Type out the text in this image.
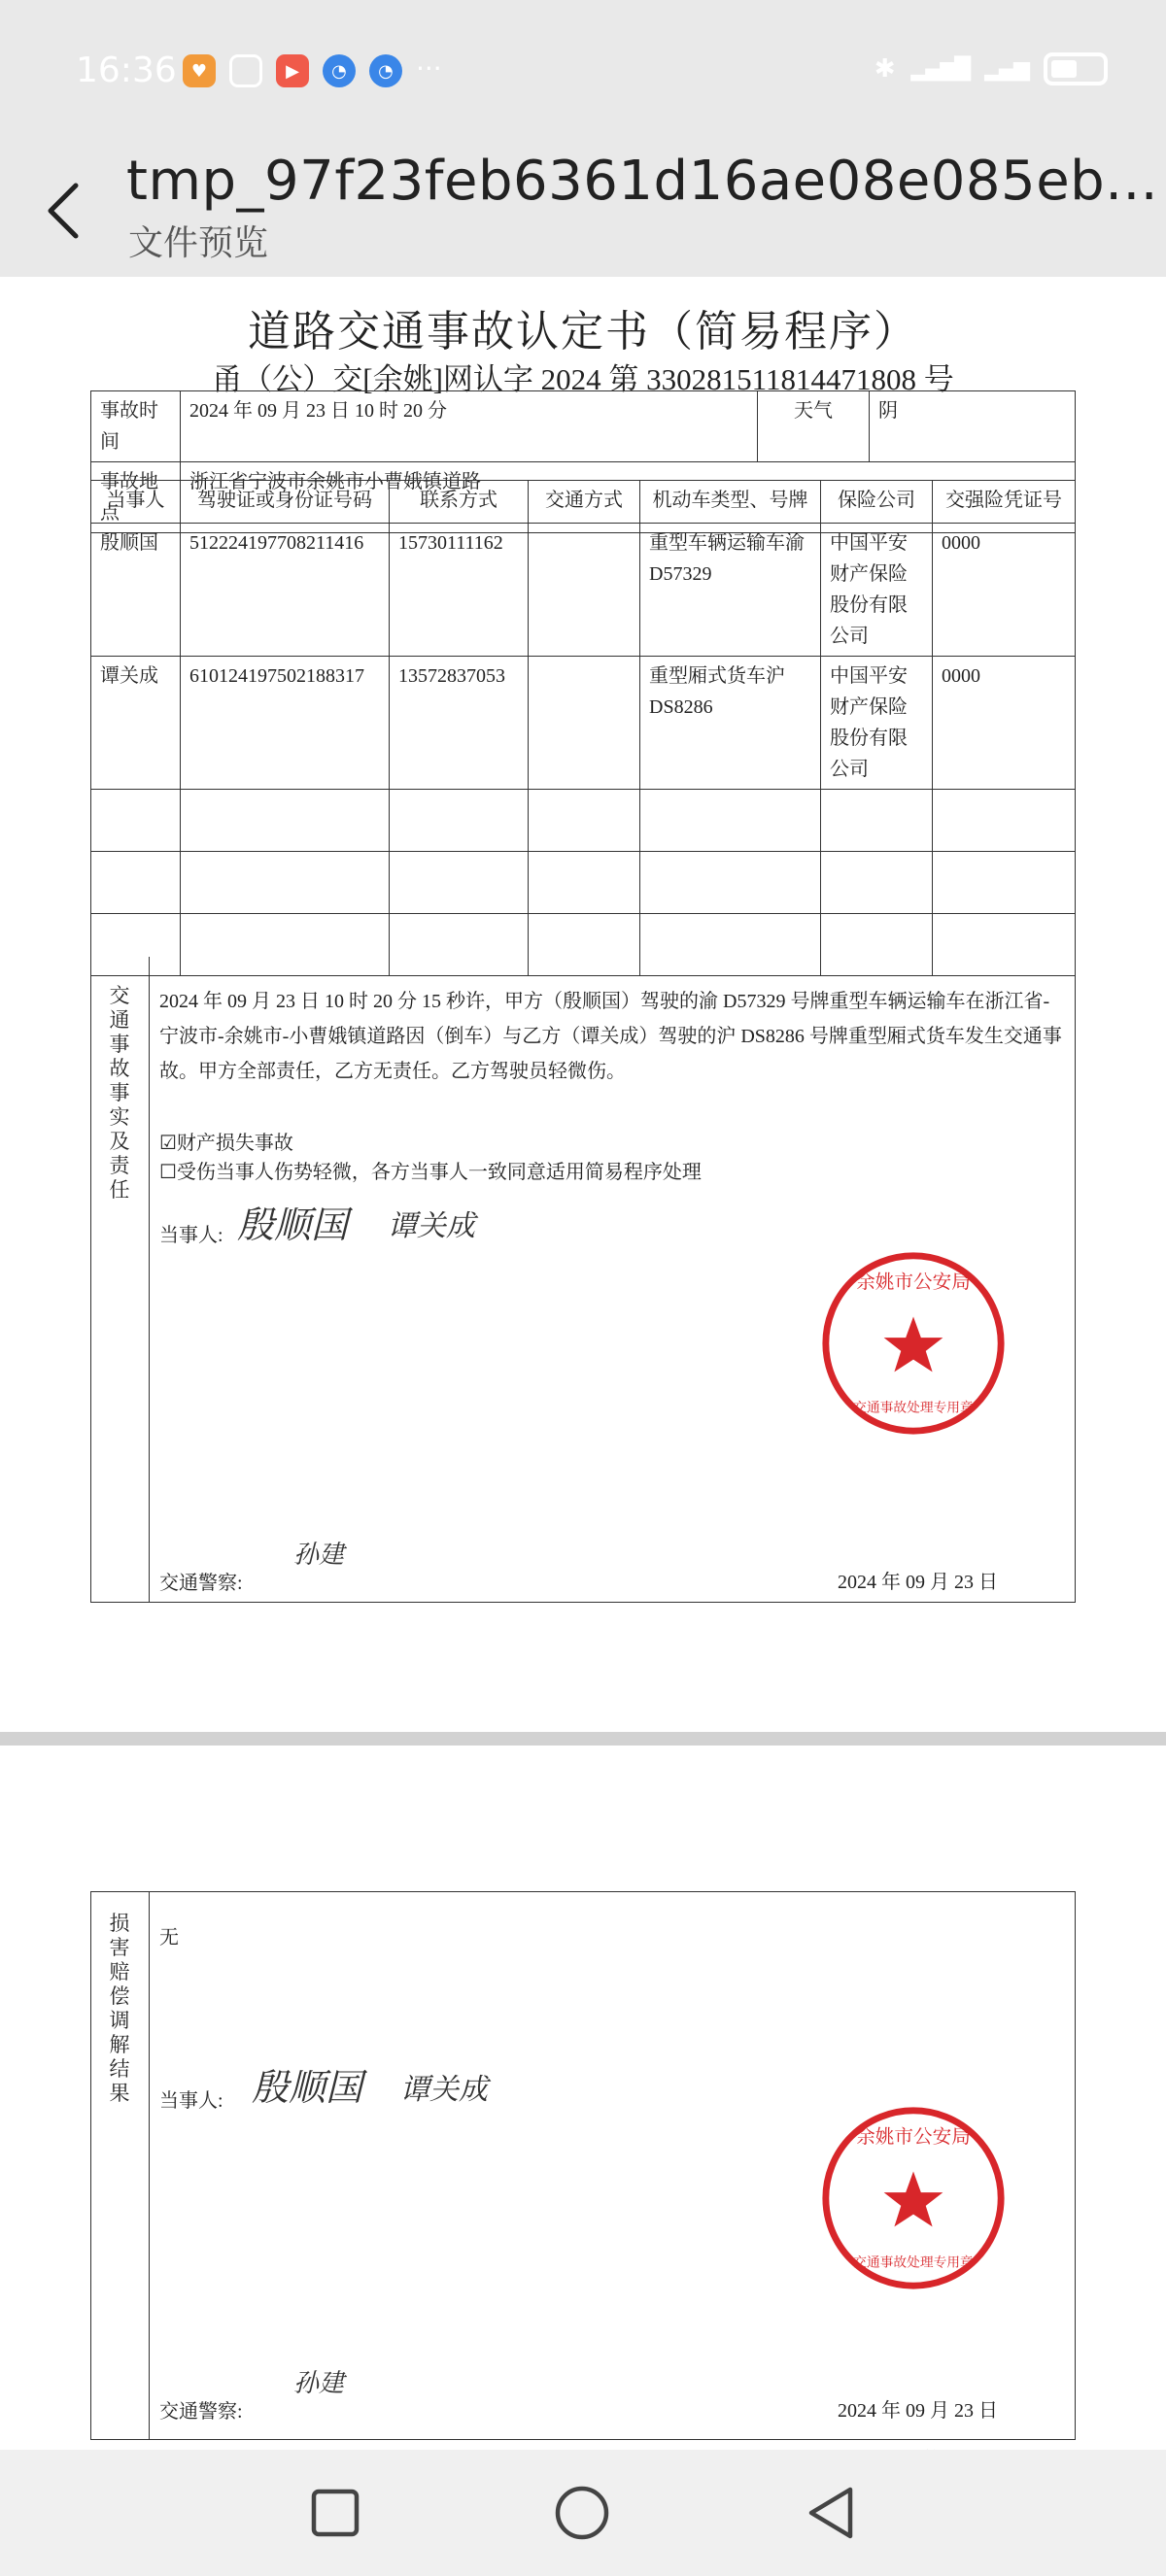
16:36 ♥	▶	◔	◔ ···	✱ ▂▄▆█ ▂▄▆
tmp_97f23feb6361d16ae08e085eb...
文件预览
道路交通事故认定书（简易程序）
甬（公）交[余姚]网认字 2024 第 330281511814471808 号
事故时间	2024 年 09 月 23 日 10 时 20 分	天气	阴
事故地点	浙江省宁波市余姚市小曹娥镇道路		
当事人	驾驶证或身份证号码	联系方式	交通方式	机动车类型、号牌	保险公司	交强险凭证号
殷顺国	512224197708211416	15730111162		重型车辆运输车渝 D57329	中国平安财产保险股份有限公司	0000
谭关成	610124197502188317	13572837053		重型厢式货车沪 DS8286	中国平安财产保险股份有限公司	0000

交通事故事实及责任
2024 年 09 月 23 日 10 时 20 分 15 秒许，甲方（殷顺国）驾驶的渝 D57329 号牌重型车辆运输车在浙江省-宁波市-余姚市-小曹娥镇道路因（倒车）与乙方（谭关成）驾驶的沪 DS8286 号牌重型厢式货车发生交通事故。甲方全部责任，乙方无责任。乙方驾驶员轻微伤。
☑财产损失事故
☐受伤当事人伤势轻微，各方当事人一致同意适用简易程序处理
当事人: 殷顺国 谭关成
余姚市公安局
交通事故处理专用章
交通警察:
孙建
2024 年 09 月 23 日
损害赔偿调解结果
无
当事人: 殷顺国 谭关成
余姚市公安局
交通事故处理专用章
交通警察:
孙建
2024 年 09 月 23 日
